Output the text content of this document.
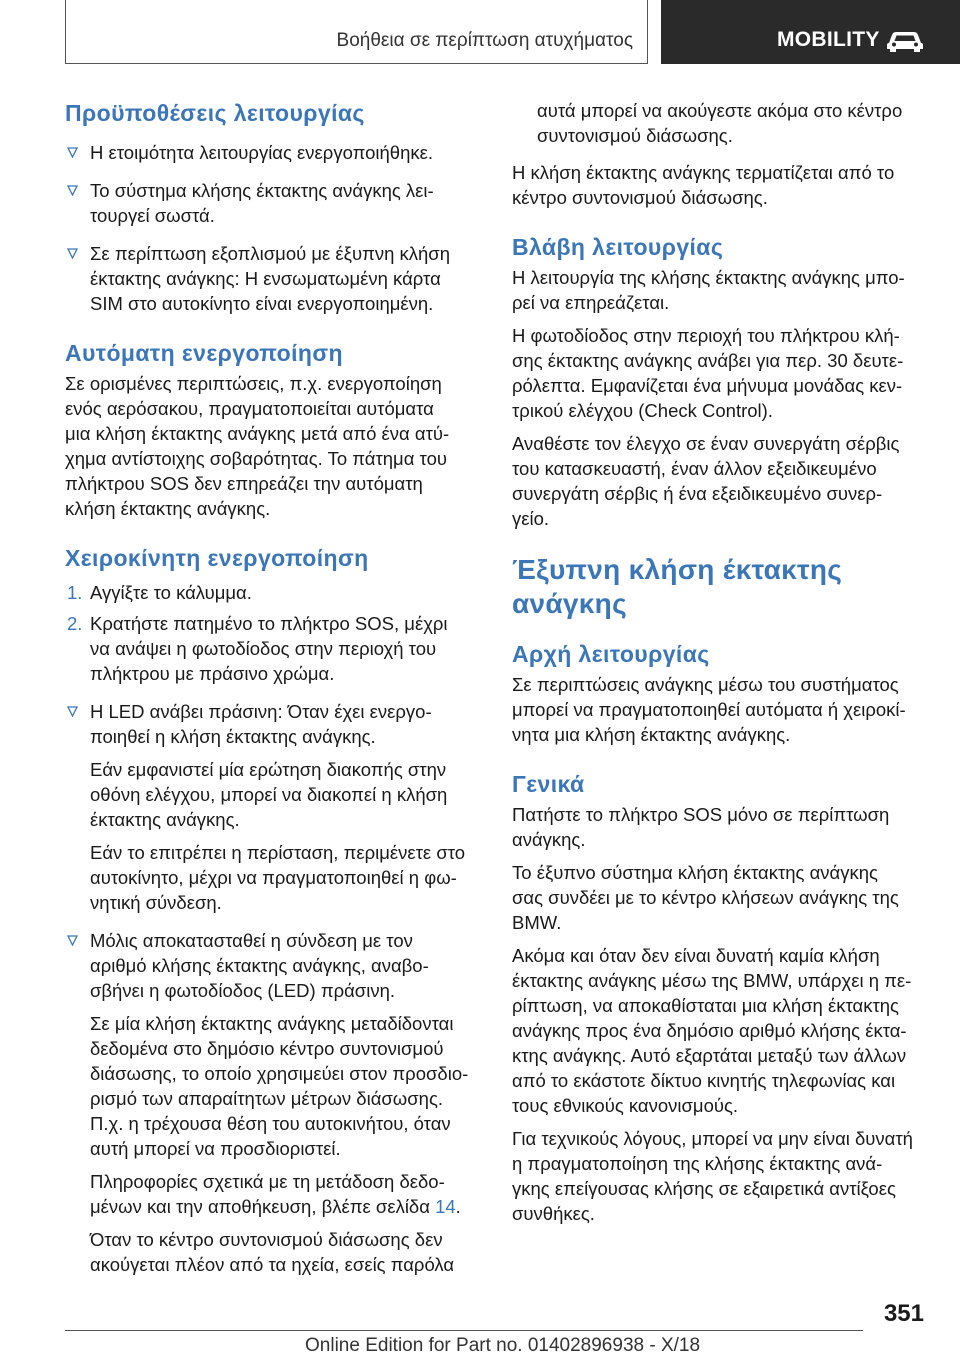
Βοήθεια σε περίπτωση ατυχήματος	MOBILITY
Προϋποθέσεις λειτουργίας
Η ετοιμότητα λειτουργίας ενεργοποιήθηκε.
Το σύστημα κλήσης έκτακτης ανάγκης λει‐
τουργεί σωστά.
Σε περίπτωση εξοπλισμού με έξυπνη κλήση
έκτακτης ανάγκης: Η ενσωματωμένη κάρτα
SIM στο αυτοκίνητο είναι ενεργοποιημένη.
Αυτόματη ενεργοποίηση

Σε ορισμένες περιπτώσεις, π.χ. ενεργοποίηση
ενός αερόσακου, πραγματοποιείται αυτόματα
μια κλήση έκτακτης ανάγκης μετά από ένα ατύ‐
χημα αντίστοιχης σοβαρότητας. Το πάτημα του
πλήκτρου SOS δεν επηρεάζει την αυτόματη
κλήση έκτακτης ανάγκης.

Χειροκίνητη ενεργοποίηση
1. Αγγίξτε το κάλυμμα.
2. Κρατήστε πατημένο το πλήκτρο SOS, μέχρι
να ανάψει η φωτοδίοδος στην περιοχή του
πλήκτρου με πράσινο χρώμα.
Η LED ανάβει πράσινη: Όταν έχει ενεργο‐
ποιηθεί η κλήση έκτακτης ανάγκης.
Εάν εμφανιστεί μία ερώτηση διακοπής στην
οθόνη ελέγχου, μπορεί να διακοπεί η κλήση
έκτακτης ανάγκης.
Εάν το επιτρέπει η περίσταση, περιμένετε στο
αυτοκίνητο, μέχρι να πραγματοποιηθεί η φω‐
νητική σύνδεση.
Μόλις αποκατασταθεί η σύνδεση με τον
αριθμό κλήσης έκτακτης ανάγκης, αναβο‐
σβήνει η φωτοδίοδος (LED) πράσινη.
Σε μία κλήση έκτακτης ανάγκης μεταδίδονται
δεδομένα στο δημόσιο κέντρο συντονισμού
διάσωσης, το οποίο χρησιμεύει στον προσδιο‐
ρισμό των απαραίτητων μέτρων διάσωσης.
Π.χ. η τρέχουσα θέση του αυτοκινήτου, όταν
αυτή μπορεί να προσδιοριστεί.
Πληροφορίες σχετικά με τη μετάδοση δεδο‐
μένων και την αποθήκευση, βλέπε σελίδα 14.
Όταν το κέντρο συντονισμού διάσωσης δεν
ακούγεται πλέον από τα ηχεία, εσείς παρόλα

αυτά μπορεί να ακούγεστε ακόμα στο κέντρο
συντονισμού διάσωσης.

Η κλήση έκτακτης ανάγκης τερματίζεται από το
κέντρο συντονισμού διάσωσης.

Βλάβη λειτουργίας

Η λειτουργία της κλήσης έκτακτης ανάγκης μπο‐
ρεί να επηρεάζεται.

Η φωτοδίοδος στην περιοχή του πλήκτρου κλή‐
σης έκτακτης ανάγκης ανάβει για περ. 30 δευτε‐
ρόλεπτα. Εμφανίζεται ένα μήνυμα μονάδας κεν‐
τρικού ελέγχου (Check Control).

Αναθέστε τον έλεγχο σε έναν συνεργάτη σέρβις
του κατασκευαστή, έναν άλλον εξειδικευμένο
συνεργάτη σέρβις ή ένα εξειδικευμένο συνερ‐
γείο.

Έξυπνη κλήση έκτακτης
ανάγκης
Αρχή λειτουργίας

Σε περιπτώσεις ανάγκης μέσω του συστήματος
μπορεί να πραγματοποιηθεί αυτόματα ή χειροκί‐
νητα μια κλήση έκτακτης ανάγκης.

Γενικά

Πατήστε το πλήκτρο SOS μόνο σε περίπτωση
ανάγκης.

Το έξυπνο σύστημα κλήση έκτακτης ανάγκης
σας συνδέει με το κέντρο κλήσεων ανάγκης της
BMW.

Ακόμα και όταν δεν είναι δυνατή καμία κλήση
έκτακτης ανάγκης μέσω της BMW, υπάρχει η πε‐
ρίπτωση, να αποκαθίσταται μια κλήση έκτακτης
ανάγκης προς ένα δημόσιο αριθμό κλήσης έκτα‐
κτης ανάγκης. Αυτό εξαρτάται μεταξύ των άλλων
από το εκάστοτε δίκτυο κινητής τηλεφωνίας και
τους εθνικούς κανονισμούς.

Για τεχνικούς λόγους, μπορεί να μην είναι δυνατή
η πραγματοποίηση της κλήσης έκτακτης ανά‐
γκης επείγουσας κλήσης σε εξαιρετικά αντίξοες
συνθήκες.

351
Online Edition for Part no. 01402896938 - X/18
